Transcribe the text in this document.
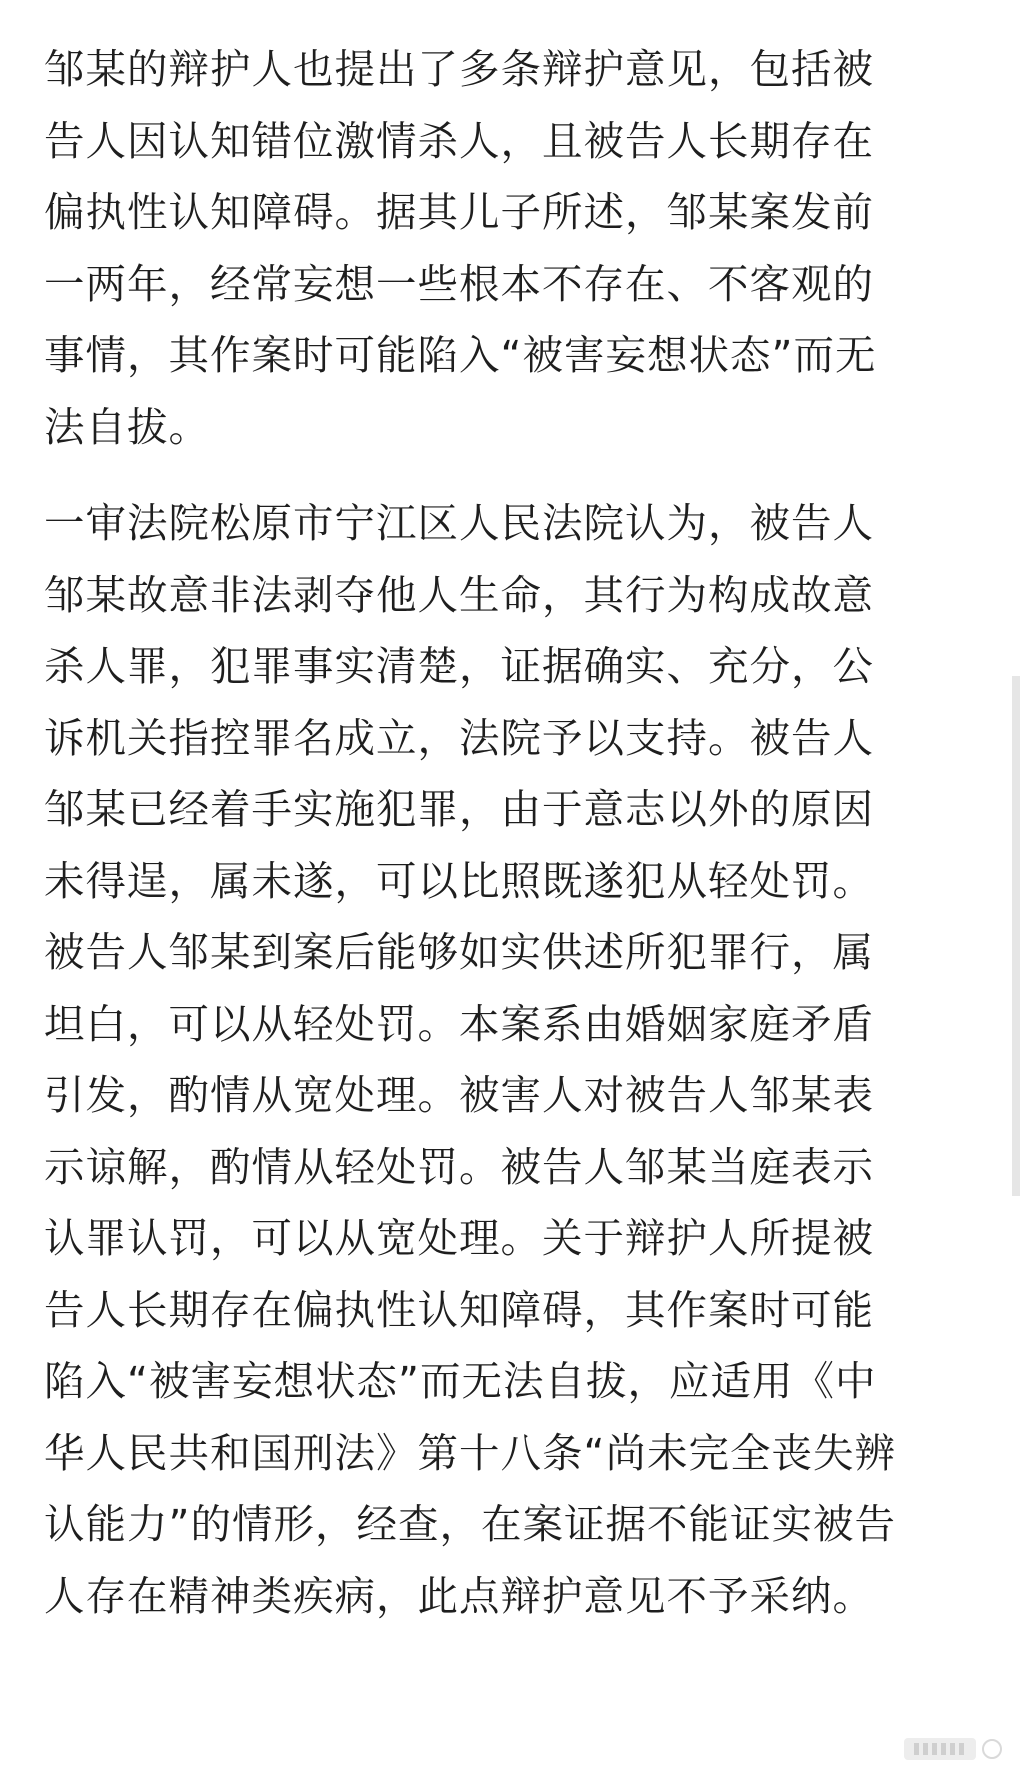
邹某的辩护人也提出了多条辩护意见，包括被
告人因认知错位激情杀人，且被告人长期存在
偏执性认知障碍。据其儿子所述，邹某案发前
一两年，经常妄想一些根本不存在、不客观的
事情，其作案时可能陷入“被害妄想状态”而无
法自拔。

一审法院松原市宁江区人民法院认为，被告人
邹某故意非法剥夺他人生命，其行为构成故意
杀人罪，犯罪事实清楚，证据确实、充分，公
诉机关指控罪名成立，法院予以支持。被告人
邹某已经着手实施犯罪，由于意志以外的原因
未得逞，属未遂，可以比照既遂犯从轻处罚。
被告人邹某到案后能够如实供述所犯罪行，属
坦白，可以从轻处罚。本案系由婚姻家庭矛盾
引发，酌情从宽处理。被害人对被告人邹某表
示谅解，酌情从轻处罚。被告人邹某当庭表示
认罪认罚，可以从宽处理。关于辩护人所提被
告人长期存在偏执性认知障碍，其作案时可能
陷入“被害妄想状态”而无法自拔，应适用《中
华人民共和国刑法》第十八条“尚未完全丧失辨
认能力”的情形，经查，在案证据不能证实被告
人存在精神类疾病，此点辩护意见不予采纳。
